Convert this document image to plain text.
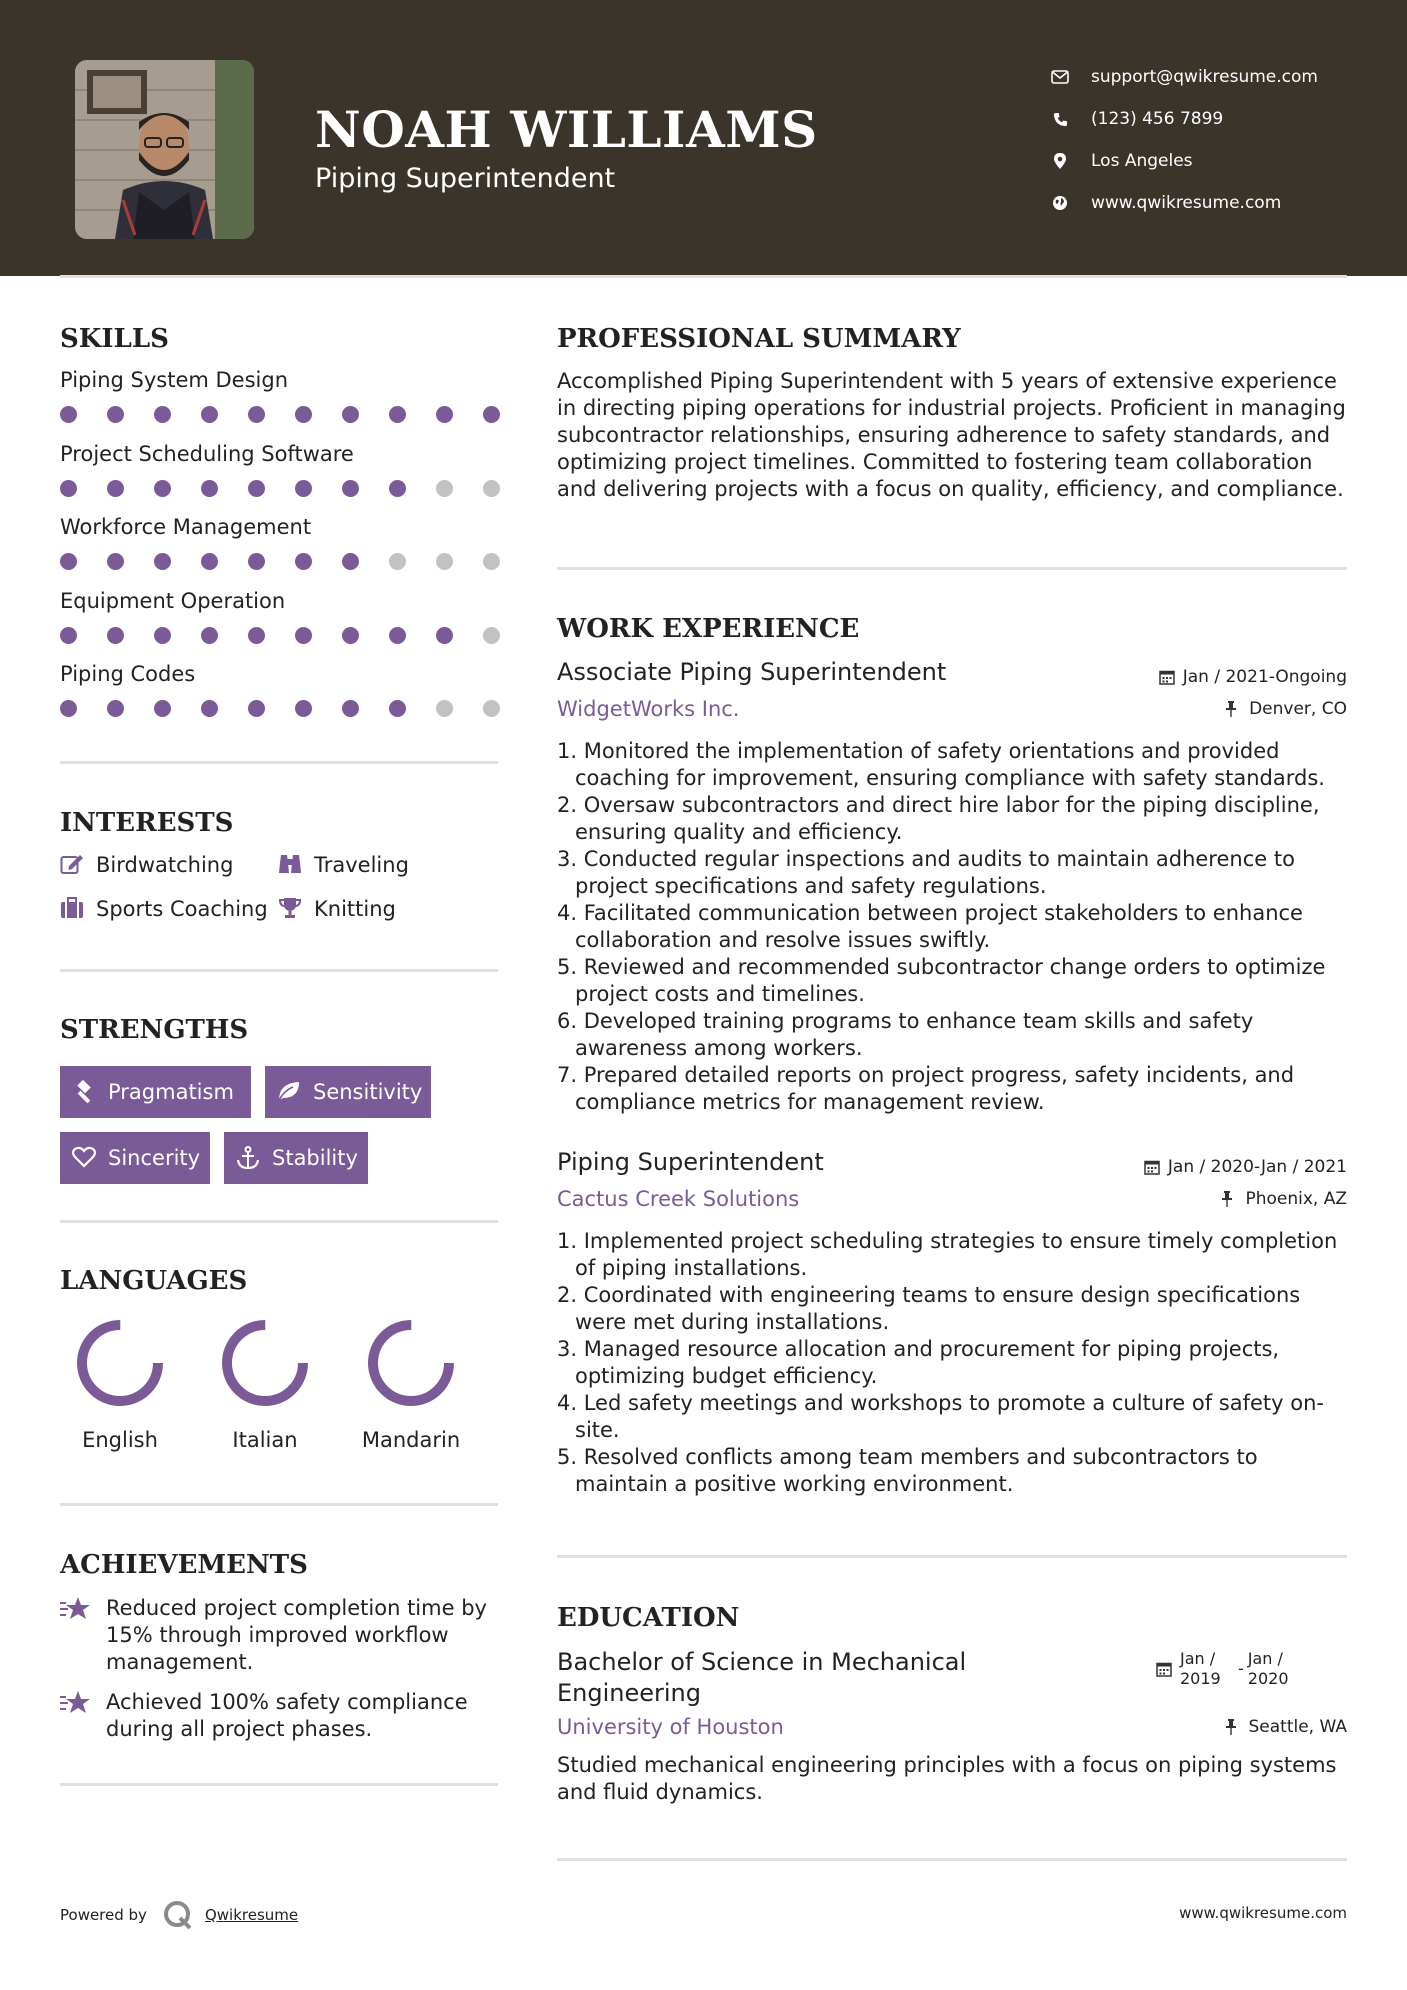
NOAH WILLIAMS
Piping Superintendent
support@qwikresume.com
(123) 456 7899
Los Angeles
www.qwikresume.com
SKILLS
Piping System Design
Project Scheduling Software
Workforce Management
Equipment Operation
Piping Codes
INTERESTS
Birdwatching	Traveling
Sports Coaching Knitting
STRENGTHS
Pragmatism	Sensitivity
Sincerity	Stability
LANGUAGES
English	Italian	Mandarin
ACHIEVEMENTS
Reduced project completion time by 15% through improved workflow management.
Achieved 100% safety compliance during all project phases.
PROFESSIONAL SUMMARY
Accomplished Piping Superintendent with 5 years of extensive experience in directing piping operations for industrial projects. Proficient in managing subcontractor relationships, ensuring adherence to safety standards, and optimizing project timelines. Committed to fostering team collaboration and delivering projects with a focus on quality, efficiency, and compliance.
WORK EXPERIENCE
Associate Piping Superintendent	Jan / 2021-Ongoing
WidgetWorks Inc.	Denver, CO
1. Monitored the implementation of safety orientations and provided coaching for improvement, ensuring compliance with safety standards.
2. Oversaw subcontractors and direct hire labor for the piping discipline, ensuring quality and efficiency.
3. Conducted regular inspections and audits to maintain adherence to project specifications and safety regulations.
4. Facilitated communication between project stakeholders to enhance collaboration and resolve issues swiftly.
5. Reviewed and recommended subcontractor change orders to optimize project costs and timelines.
6. Developed training programs to enhance team skills and safety awareness among workers.
7. Prepared detailed reports on project progress, safety incidents, and compliance metrics for management review.
Piping Superintendent	Jan / 2020-Jan / 2021
Cactus Creek Solutions	Phoenix, AZ
1. Implemented project scheduling strategies to ensure timely completion of piping installations.
2. Coordinated with engineering teams to ensure design specifications were met during installations.
3. Managed resource allocation and procurement for piping projects, optimizing budget efficiency.
4. Led safety meetings and workshops to promote a culture of safety on-site.
5. Resolved conflicts among team members and subcontractors to maintain a positive working environment.
EDUCATION
Bachelor of Science in Mechanical Engineering
Jan / 2019
-
Jan / 2020
University of Houston	Seattle, WA
Studied mechanical engineering principles with a focus on piping systems and fluid dynamics.
Powered by	Qwikresume	www.qwikresume.com
